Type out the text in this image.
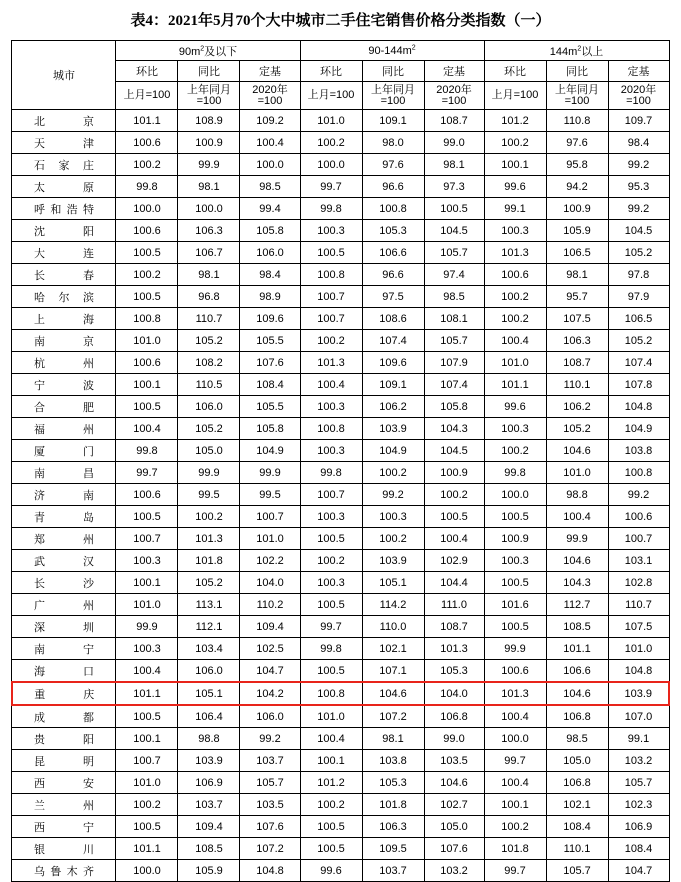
表4：2021年5月70个大中城市二手住宅销售价格分类指数（一）
城市	$90m^2$及以下			$90-144m^2$			$144m^2$以上		
	环比	同比	定基	环比	同比	定基	环比	同比	定基
	上月=100	上年同月=100	2020年=100	上月=100	上年同月=100	2020年=100	上月=100	上年同月=100	2020年=100
北京	101.1	108.9	109.2	101.0	109.1	108.7	101.2	110.8	109.7
天津	100.6	100.9	100.4	100.2	98.0	99.0	100.2	97.6	98.4
石家庄	100.2	99.9	100.0	100.0	97.6	98.1	100.1	95.8	99.2
太原	99.8	98.1	98.5	99.7	96.6	97.3	99.6	94.2	95.3
呼和浩特	100.0	100.0	99.4	99.8	100.8	100.5	99.1	100.9	99.2
沈阳	100.6	106.3	105.8	100.3	105.3	104.5	100.3	105.9	104.5
大连	100.5	106.7	106.0	100.5	106.6	105.7	101.3	106.5	105.2
长春	100.2	98.1	98.4	100.8	96.6	97.4	100.6	98.1	97.8
哈尔滨	100.5	96.8	98.9	100.7	97.5	98.5	100.2	95.7	97.9
上海	100.8	110.7	109.6	100.7	108.6	108.1	100.2	107.5	106.5
南京	101.0	105.2	105.5	100.2	107.4	105.7	100.4	106.3	105.2
杭州	100.6	108.2	107.6	101.3	109.6	107.9	101.0	108.7	107.4
宁波	100.1	110.5	108.4	100.4	109.1	107.4	101.1	110.1	107.8
合肥	100.5	106.0	105.5	100.3	106.2	105.8	99.6	106.2	104.8
福州	100.4	105.2	105.8	100.8	103.9	104.3	100.3	105.2	104.9
厦门	99.8	105.0	104.9	100.3	104.9	104.5	100.2	104.6	103.8
南昌	99.7	99.9	99.9	99.8	100.2	100.9	99.8	101.0	100.8
济南	100.6	99.5	99.5	100.7	99.2	100.2	100.0	98.8	99.2
青岛	100.5	100.2	100.7	100.3	100.3	100.5	100.5	100.4	100.6
郑州	100.7	101.3	101.0	100.5	100.2	100.4	100.9	99.9	100.7
武汉	100.3	101.8	102.2	100.2	103.9	102.9	100.3	104.6	103.1
长沙	100.1	105.2	104.0	100.3	105.1	104.4	100.5	104.3	102.8
广州	101.0	113.1	110.2	100.5	114.2	111.0	101.6	112.7	110.7
深圳	99.9	112.1	109.4	99.7	110.0	108.7	100.5	108.5	107.5
南宁	100.3	103.4	102.5	99.8	102.1	101.3	99.9	101.1	101.0
海口	100.4	106.0	104.7	100.5	107.1	105.3	100.6	106.6	104.8
重庆	101.1	105.1	104.2	100.8	104.6	104.0	101.3	104.6	103.9
成都	100.5	106.4	106.0	101.0	107.2	106.8	100.4	106.8	107.0
贵阳	100.1	98.8	99.2	100.4	98.1	99.0	100.0	98.5	99.1
昆明	100.7	103.9	103.7	100.1	103.8	103.5	99.7	105.0	103.2
西安	101.0	106.9	105.7	101.2	105.3	104.6	100.4	106.8	105.7
兰州	100.2	103.7	103.5	100.2	101.8	102.7	100.1	102.1	102.3
西宁	100.5	109.4	107.6	100.5	106.3	105.0	100.2	108.4	106.9
银川	101.1	108.5	107.2	100.5	109.5	107.6	101.8	110.1	108.4
乌鲁木齐	100.0	105.9	104.8	99.6	103.7	103.2	99.7	105.7	104.7
